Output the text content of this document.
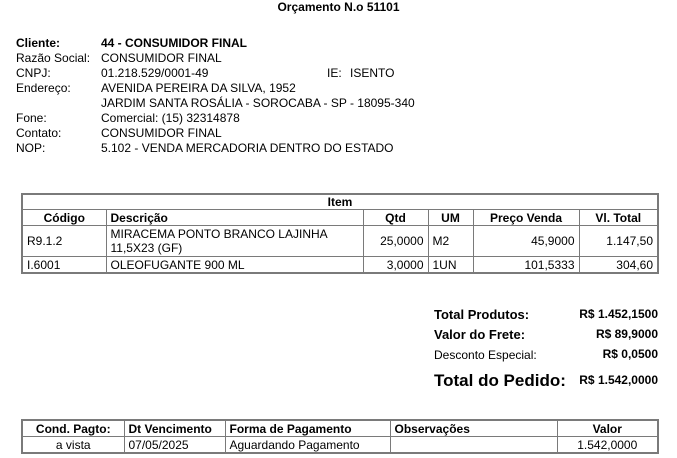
Orçamento N.o 51101
Cliente:	44 - CONSUMIDOR FINAL
Razão Social: CONSUMIDOR FINAL
CNPJ:	01.218.529/0001-49	IE: ISENTO
Endereço:	AVENIDA PEREIRA DA SILVA, 1952
JARDIM SANTA ROSÁLIA - SOROCABA - SP - 18095-340
Fone:	Comercial: (15) 32314878
Contato:	CONSUMIDOR FINAL
NOP:	5.102 - VENDA MERCADORIA DENTRO DO ESTADO
Item					
Código	Descrição	Qtd	UM	Preço Venda	Vl. Total
R9.1.2	MIRACEMA PONTO BRANCO LAJINHA 11,5X23 (GF)	25,0000	M2	45,9000	1.147,50
I.6001	OLEOFUGANTE 900 ML	3,0000	1UN	101,5333	304,60
Total Produtos:	R$ 1.452,1500
Valor do Frete:	R$ 89,9000
Desconto Especial:	R$ 0,0500
Total do Pedido: R$ 1.542,0000
Cond. Pagto:	Dt Vencimento	Forma de Pagamento	Observações	Valor
a vista	07/05/2025	Aguardando Pagamento		1.542,0000
